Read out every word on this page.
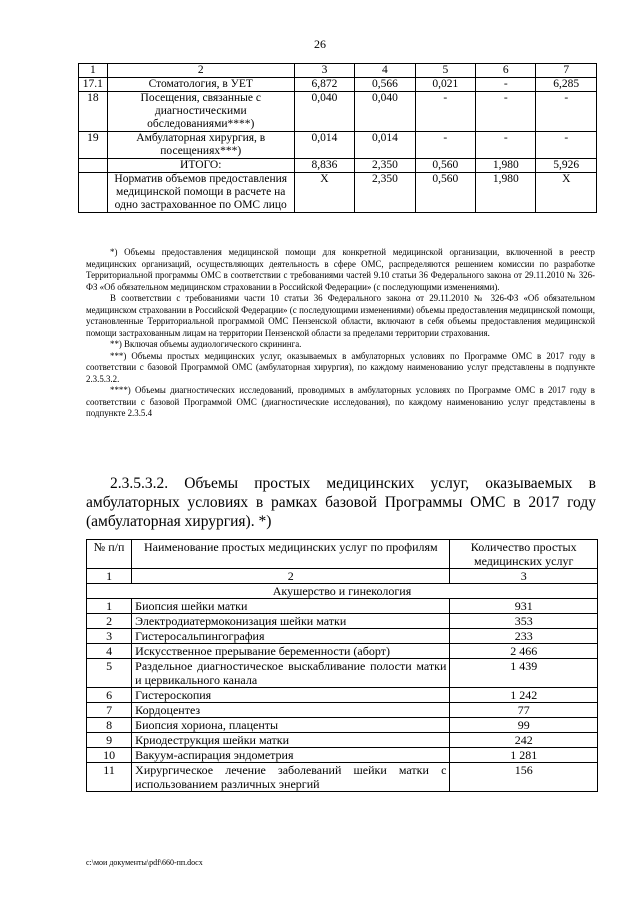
26
1	2	3	4	5	6	7
17.1	Стоматология, в УЕТ	6,872	0,566	0,021	-	6,285
18	Посещения, связанные с диагностическими обследованиями****)	0,040	0,040	-	-	-
19	Амбулаторная хирургия, в посещениях***)	0,014	0,014	-	-	-
	ИТОГО:	8,836	2,350	0,560	1,980	5,926
	Норматив объемов предоставления медицинской помощи в расчете на одно застрахованное по ОМС лицо	Х	2,350	0,560	1,980	Х

*) Объемы предоставления медицинской помощи для конкретной медицинской организации, включенной в реестр медицинских организаций, осуществляющих деятельность в сфере ОМС, распределяются решением комиссии по разработке Территориальной программы ОМС в соответствии с требованиями частей 9.10 статьи 36 Федерального закона от 29.11.2010 № 326-ФЗ «Об обязательном медицинском страховании в Российской Федерации» (с последующими изменениями).

В соответствии с требованиями части 10 статьи 36 Федерального закона от 29.11.2010 № 326-ФЗ «Об обязательном медицинском страховании в Российской Федерации» (с последующими изменениями) объемы предоставления медицинской помощи, установленные Территориальной программой ОМС Пензенской области, включают в себя объемы предоставления медицинской помощи застрахованным лицам на территории Пензенской области за пределами территории страхования.

**) Включая объемы аудиологического скрининга.

***) Объемы простых медицинских услуг, оказываемых в амбулаторных условиях по Программе ОМС в 2017 году в соответствии с базовой Программой ОМС (амбулаторная хирургия), по каждому наименованию услуг представлены в подпункте 2.3.5.3.2.

****) Объемы диагностических исследований, проводимых в амбулаторных условиях по Программе ОМС в 2017 году в соответствии с базовой Программой ОМС (диагностические исследования), по каждому наименованию услуг представлены в подпункте 2.3.5.4

2.3.5.3.2. Объемы простых медицинских услуг, оказываемых в амбулаторных условиях в рамках базовой Программы ОМС в 2017 году (амбулаторная хирургия). *)

№ п/п	Наименование простых медицинских услуг по профилям	Количество простых медицинских услуг
1	2	3
Акушерство и гинекология		
1	Биопсия шейки матки	931
2	Электродиатермоконизация шейки матки	353
3	Гистеросальпингография	233
4	Искусственное прерывание беременности (аборт)	2 466
5	Раздельное диагностическое выскабливание полости матки и цервикального канала	1 439
6	Гистероскопия	1 242
7	Кордоцентез	77
8	Биопсия хориона, плаценты	99
9	Криодеструкция шейки матки	242
10	Вакуум-аспирация эндометрия	1 281
11	Хирургическое лечение заболеваний шейки матки с использованием различных энергий	156
c:\мои документы\pdf\660-пп.docx
